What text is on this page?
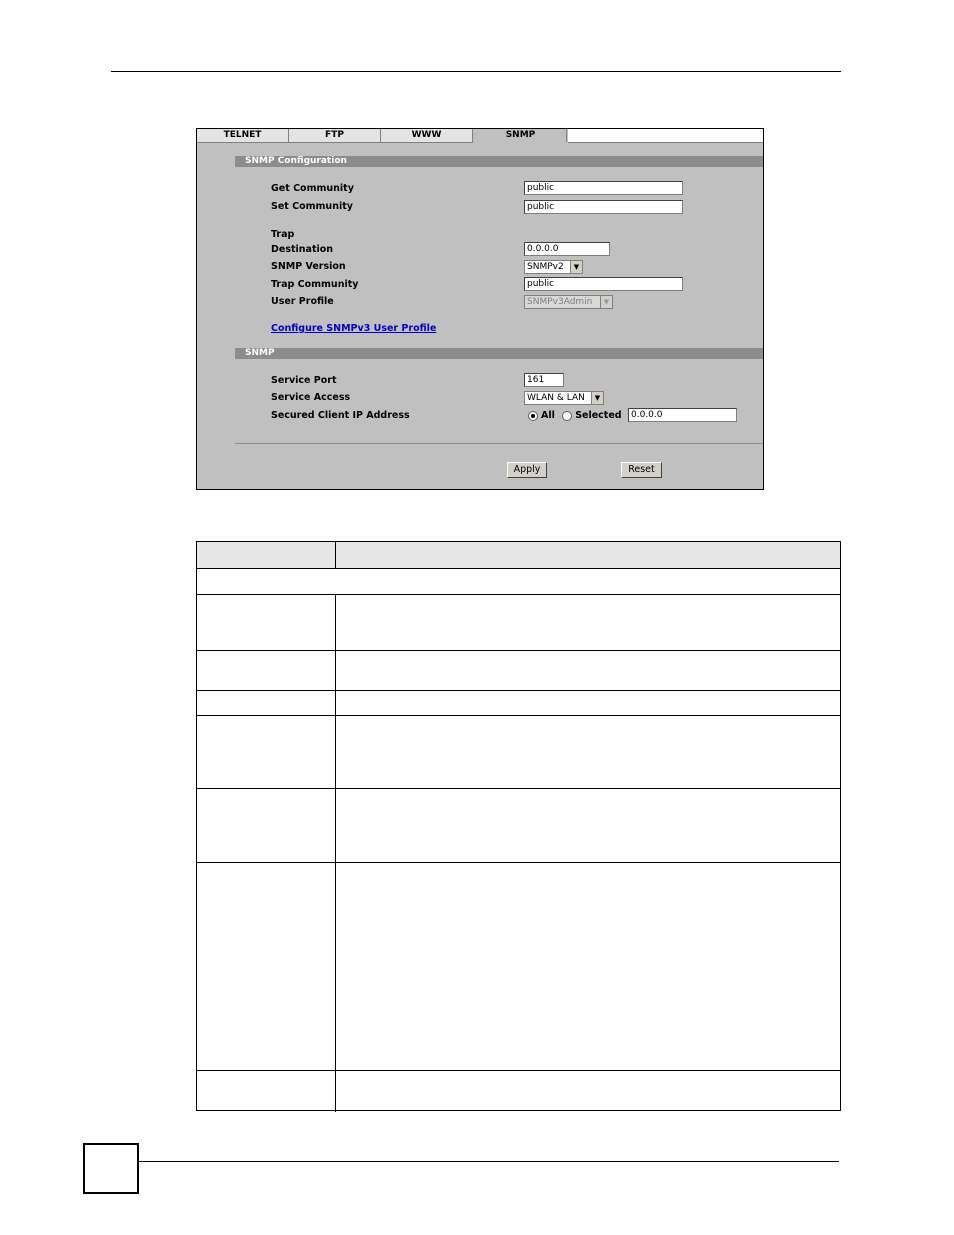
TELNET	FTP	WWW	SNMP
SNMP Configuration
Get Community	public
Set Community	public
Trap
Destination	0.0.0.0
SNMP Version	SNMPv2	▼
Trap Community	public
User Profile	SNMPv3Admin	▼
Configure SNMPv3 User Profile
SNMP
Service Port	161
Service Access	WLAN & LAN	▼
Secured Client IP Address	All Selected	0.0.0.0
Apply	Reset
